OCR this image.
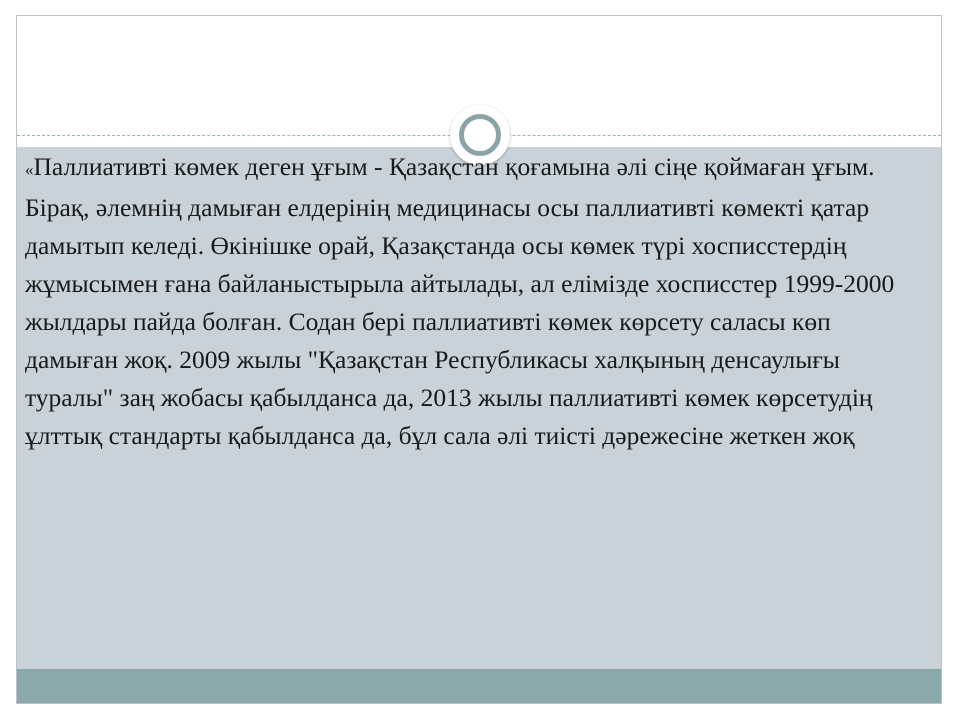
«Паллиативті көмек деген ұғым - Қазақстан қоғамына әлі сіңе қоймаған ұғым. Бірақ, әлемнің дамыған елдерінің медицинасы осы паллиативті көмекті қатар дамытып келеді. Өкінішке орай, Қазақстанда осы көмек түрі хосписстердің жұмысымен ғана байланыстырыла айтылады, ал елімізде хосписстер 1999-2000 жылдары пайда болған. Содан бері паллиативті көмек көрсету саласы көп дамыған жоқ. 2009 жылы "Қазақстан Республикасы халқының денсаулығы туралы" заң жобасы қабылданса да, 2013 жылы паллиативті көмек көрсетудің ұлттық стандарты қабылданса да, бұл сала әлі тиісті дәрежесіне жеткен жоқ
